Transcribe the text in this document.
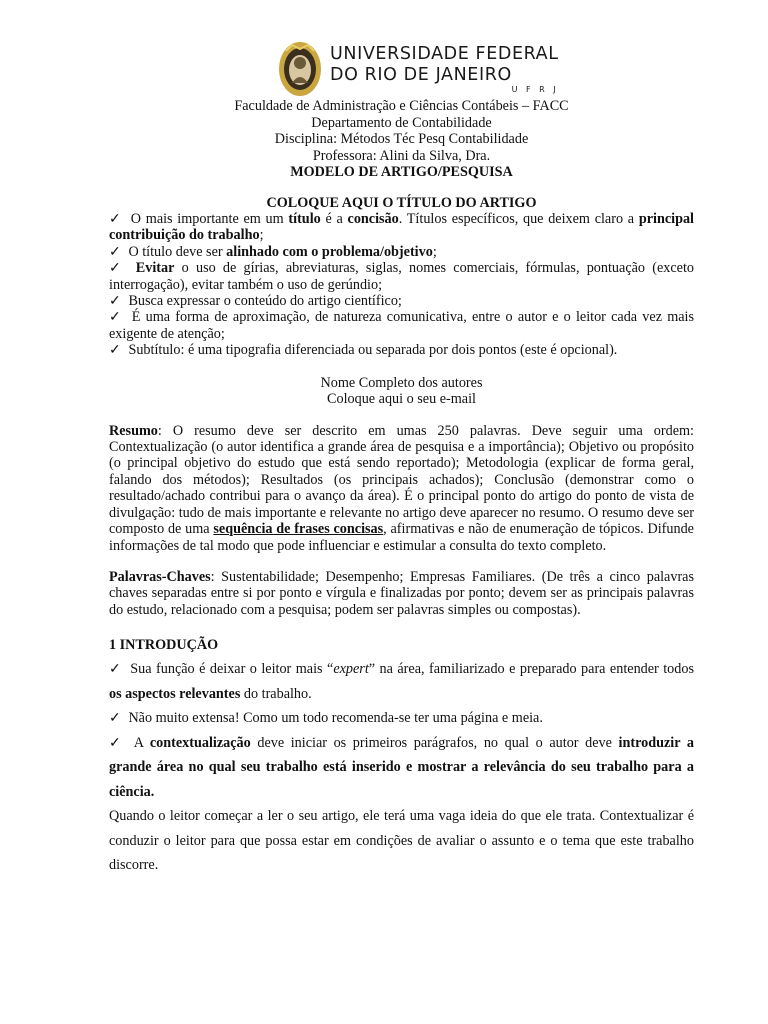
UNIVERSIDADE FEDERAL
DO RIO DE JANEIRO
U F R J
Faculdade de Administração e Ciências Contábeis – FACC
Departamento de Contabilidade
Disciplina: Métodos Téc Pesq Contabilidade
Professora: Alini da Silva, Dra.
MODELO DE ARTIGO/PESQUISA
COLOQUE AQUI O TÍTULO DO ARTIGO
✓ O mais importante em um título é a concisão. Títulos específicos, que deixem claro a principal contribuição do trabalho;
✓ O título deve ser alinhado com o problema/objetivo;
✓ Evitar o uso de gírias, abreviaturas, siglas, nomes comerciais, fórmulas, pontuação (exceto interrogação), evitar também o uso de gerúndio;
✓ Busca expressar o conteúdo do artigo científico;
✓ É uma forma de aproximação, de natureza comunicativa, entre o autor e o leitor cada vez mais exigente de atenção;
✓ Subtítulo: é uma tipografia diferenciada ou separada por dois pontos (este é opcional).
Nome Completo dos autores
Coloque aqui o seu e-mail

Resumo: O resumo deve ser descrito em umas 250 palavras. Deve seguir uma ordem: Contextualização (o autor identifica a grande área de pesquisa e a importância); Objetivo ou propósito (o principal objetivo do estudo que está sendo reportado); Metodologia (explicar de forma geral, falando dos métodos); Resultados (os principais achados); Conclusão (demonstrar como o resultado/achado contribui para o avanço da área). É o principal ponto do artigo do ponto de vista de divulgação: tudo de mais importante e relevante no artigo deve aparecer no resumo. O resumo deve ser composto de uma sequência de frases concisas, afirmativas e não de enumeração de tópicos. Difunde informações de tal modo que pode influenciar e estimular a consulta do texto completo.

Palavras-Chaves: Sustentabilidade; Desempenho; Empresas Familiares. (De três a cinco palavras chaves separadas entre si por ponto e vírgula e finalizadas por ponto; devem ser as principais palavras do estudo, relacionado com a pesquisa; podem ser palavras simples ou compostas).

1 INTRODUÇÃO
✓ Sua função é deixar o leitor mais “expert” na área, familiarizado e preparado para entender todos os aspectos relevantes do trabalho.
✓ Não muito extensa! Como um todo recomenda-se ter uma página e meia.
✓ A contextualização deve iniciar os primeiros parágrafos, no qual o autor deve introduzir a grande área no qual seu trabalho está inserido e mostrar a relevância do seu trabalho para a ciência.
Quando o leitor começar a ler o seu artigo, ele terá uma vaga ideia do que ele trata. Contextualizar é conduzir o leitor para que possa estar em condições de avaliar o assunto e o tema que este trabalho discorre.
